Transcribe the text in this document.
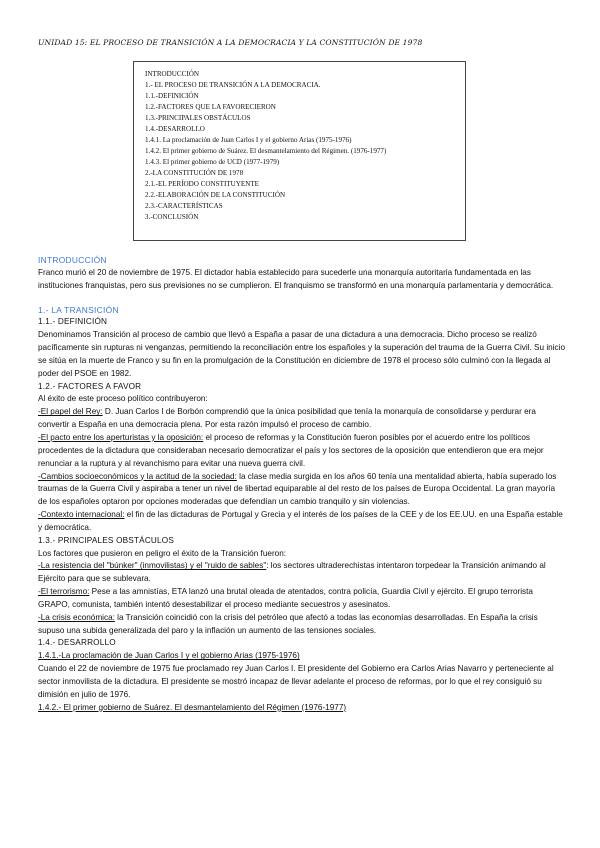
UNIDAD 15: EL PROCESO DE TRANSICIÓN A LA DEMOCRACIA Y LA CONSTITUCIÓN DE 1978
INTRODUCCIÓN
1.- EL PROCESO DE TRANSICIÓN A LA DEMOCRACIA.
1.1.-DEFINICIÓN
1.2.-FACTORES QUE LA FAVORECIERON
1.3.-PRINCIPALES OBSTÁCULOS
1.4.-DESARROLLO
1.4.1. La proclamación de Juan Carlos I y el gobierno Arias (1975-1976)
1.4.2. El primer gobierno de Suárez. El desmantelamiento del Régimen. (1976-1977)
1.4.3. El primer gobierno de UCD (1977-1979)
2.-LA CONSTITUCIÓN DE 1978
2.1.-EL PERÍODO CONSTITUYENTE
2.2.-ELABORACIÓN DE LA CONSTITUCIÓN
2.3.-CARACTERÍSTICAS
3.-CONCLUSIÓN

INTRODUCCIÓN

Franco murió el 20 de noviembre de 1975. El dictador había establecido para sucederle una monarquía autoritaria fundamentada en las instituciones franquistas, pero sus previsiones no se cumplieron. El franquismo se transformó en una monarquía parlamentaria y democrática.

1.- LA TRANSICIÓN

1.1.- DEFINICIÓN

Denominamos Transición al proceso de cambio que llevó a España a pasar de una dictadura a una democracia. Dicho proceso se realizó pacíficamente sin rupturas ni venganzas, permitiendo la reconciliación entre los españoles y la superación del trauma de la Guerra Civil. Su inicio se sitúa en la muerte de Franco y su fin en la promulgación de la Constitución en diciembre de 1978 el proceso sólo culminó con la llegada al poder del PSOE en 1982.

1.2.- FACTORES A FAVOR

Al éxito de este proceso político contribuyeron:

-El papel del Rey: D. Juan Carlos I de Borbón comprendió que la única posibilidad que tenía la monarquía de consolidarse y perdurar era convertir a España en una democracia plena. Por esta razón impulsó el proceso de cambio.

-El pacto entre los aperturistas y la oposición: el proceso de reformas y la Constitución fueron posibles por el acuerdo entre los políticos procedentes de la dictadura que consideraban necesario democratizar el país y los sectores de la oposición que entendieron que era mejor renunciar a la ruptura y al revanchismo para evitar una nueva guerra civil.

-Cambios socioeconómicos y la actitud de la sociedad: la clase media surgida en los años 60 tenía una mentalidad abierta, había superado los traumas de la Guerra Civil y aspiraba a tener un nivel de libertad equiparable al del resto de los países de Europa Occidental. La gran mayoría de los españoles optaron por opciones moderadas que defendían un cambio tranquilo y sin violencias.

-Contexto internacional: el fin de las dictaduras de Portugal y Grecia y el interés de los países de la CEE y de los EE.UU. en una España estable y democrática.

1.3.- PRINCIPALES OBSTÁCULOS

Los factores que pusieron en peligro el éxito de la Transición fueron:

-La resistencia del "búnker" (inmovilistas) y el "ruido de sables": los sectores ultraderechistas intentaron torpedear la Transición animando al Ejército para que se sublevara.

-El terrorismo: Pese a las amnistías, ETA lanzó una brutal oleada de atentados, contra policía, Guardia Civil y ejército. El grupo terrorista GRAPO, comunista, también intentó desestabilizar el proceso mediante secuestros y asesinatos.

-La crisis económica: la Transición coincidió con la crisis del petróleo que afectó a todas las economías desarrolladas. En España la crisis supuso una subida generalizada del paro y la inflación un aumento de las tensiones sociales.

1.4.- DESARROLLO

1.4.1.-La proclamación de Juan Carlos I y el gobierno Arias (1975-1976)

Cuando el 22 de noviembre de 1975 fue proclamado rey Juan Carlos I. El presidente del Gobierno era Carlos Arias Navarro y perteneciente al sector inmovilista de la dictadura. El presidente se mostró incapaz de llevar adelante el proceso de reformas, por lo que el rey consiguió su dimisión en julio de 1976.

1.4.2.- El primer gobierno de Suárez. El desmantelamiento del Régimen (1976-1977)
